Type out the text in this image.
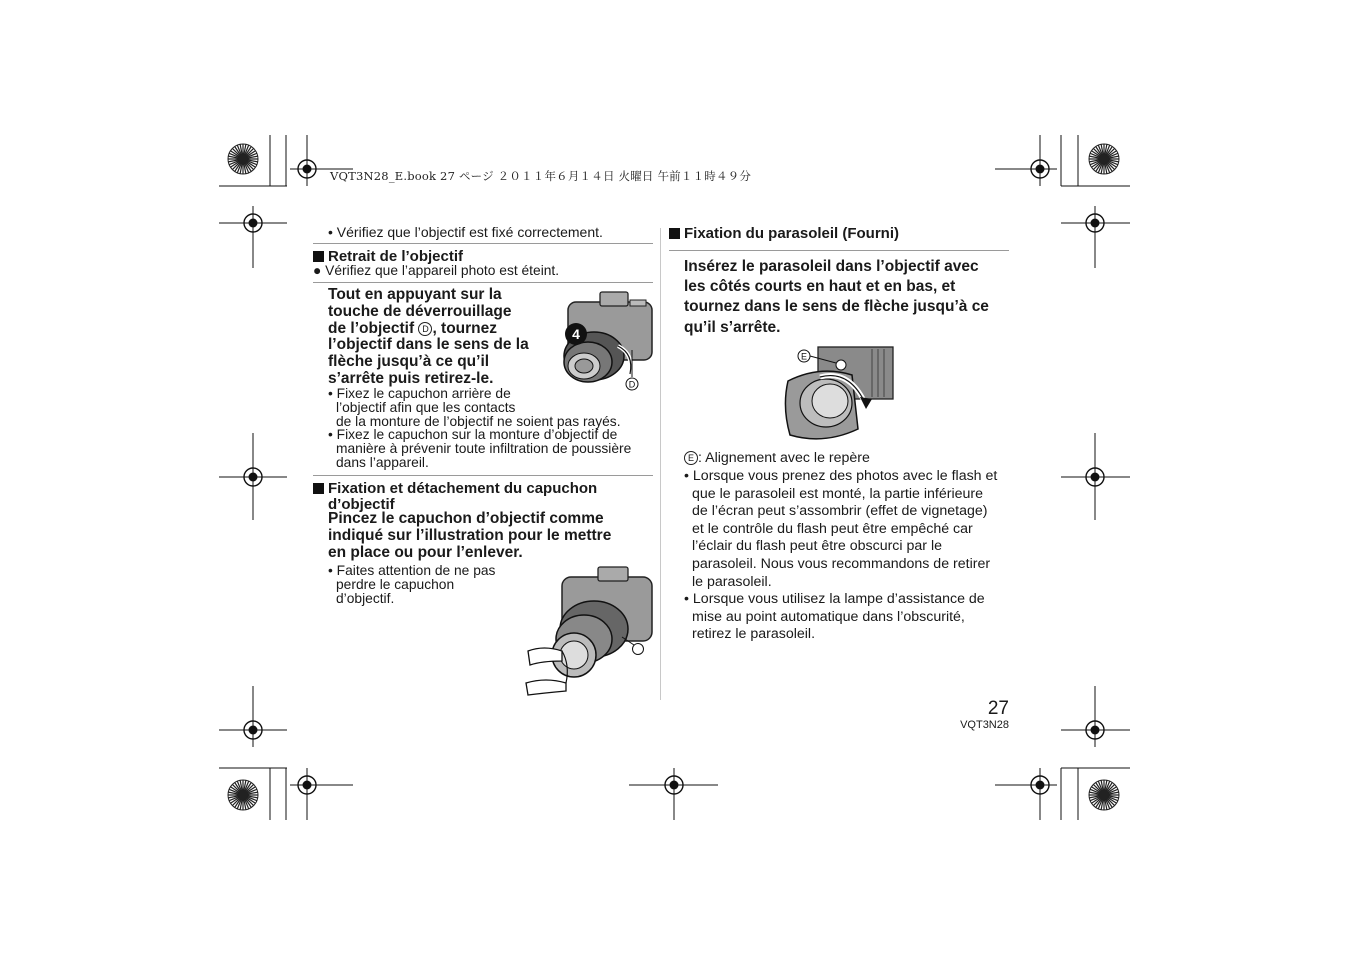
VQT3N28_E.book 27 ページ ２０１１年６月１４日 火曜日 午前１１時４９分
• Vérifiez que l’objectif est fixé correctement.
Retrait de l’objectif
● Vérifiez que l’appareil photo est éteint.
Tout en appuyant sur la
touche de déverrouillage
de l’objectif D , tournez
l’objectif dans le sens de la
flèche jusqu’à ce qu’il
s’arrête puis retirez-le.
4
D
• Fixez le capuchon arrière de
l’objectif afin que les contacts
de la monture de l’objectif ne soient pas rayés.
• Fixez le capuchon sur la monture d’objectif de
manière à prévenir toute infiltration de poussière
dans l’appareil.
Fixation et détachement du capuchon
d’objectif
Pincez le capuchon d’objectif comme
indiqué sur l’illustration pour le mettre
en place ou pour l’enlever.
• Faites attention de ne pas
perdre le capuchon
d’objectif.
Fixation du parasoleil (Fourni)
Insérez le parasoleil dans l’objectif avec
les côtés courts en haut et en bas, et
tournez dans le sens de flèche jusqu’à ce
qu’il s’arrête.
E
E : Alignement avec le repère
• Lorsque vous prenez des photos avec le flash et
que le parasoleil est monté, la partie inférieure
de l’écran peut s’assombrir (effet de vignetage)
et le contrôle du flash peut être empêché car
l’éclair du flash peut être obscurci par le
parasoleil. Nous vous recommandons de retirer
le parasoleil.
• Lorsque vous utilisez la lampe d’assistance de
mise au point automatique dans l’obscurité,
retirez le parasoleil.
27
VQT3N28
